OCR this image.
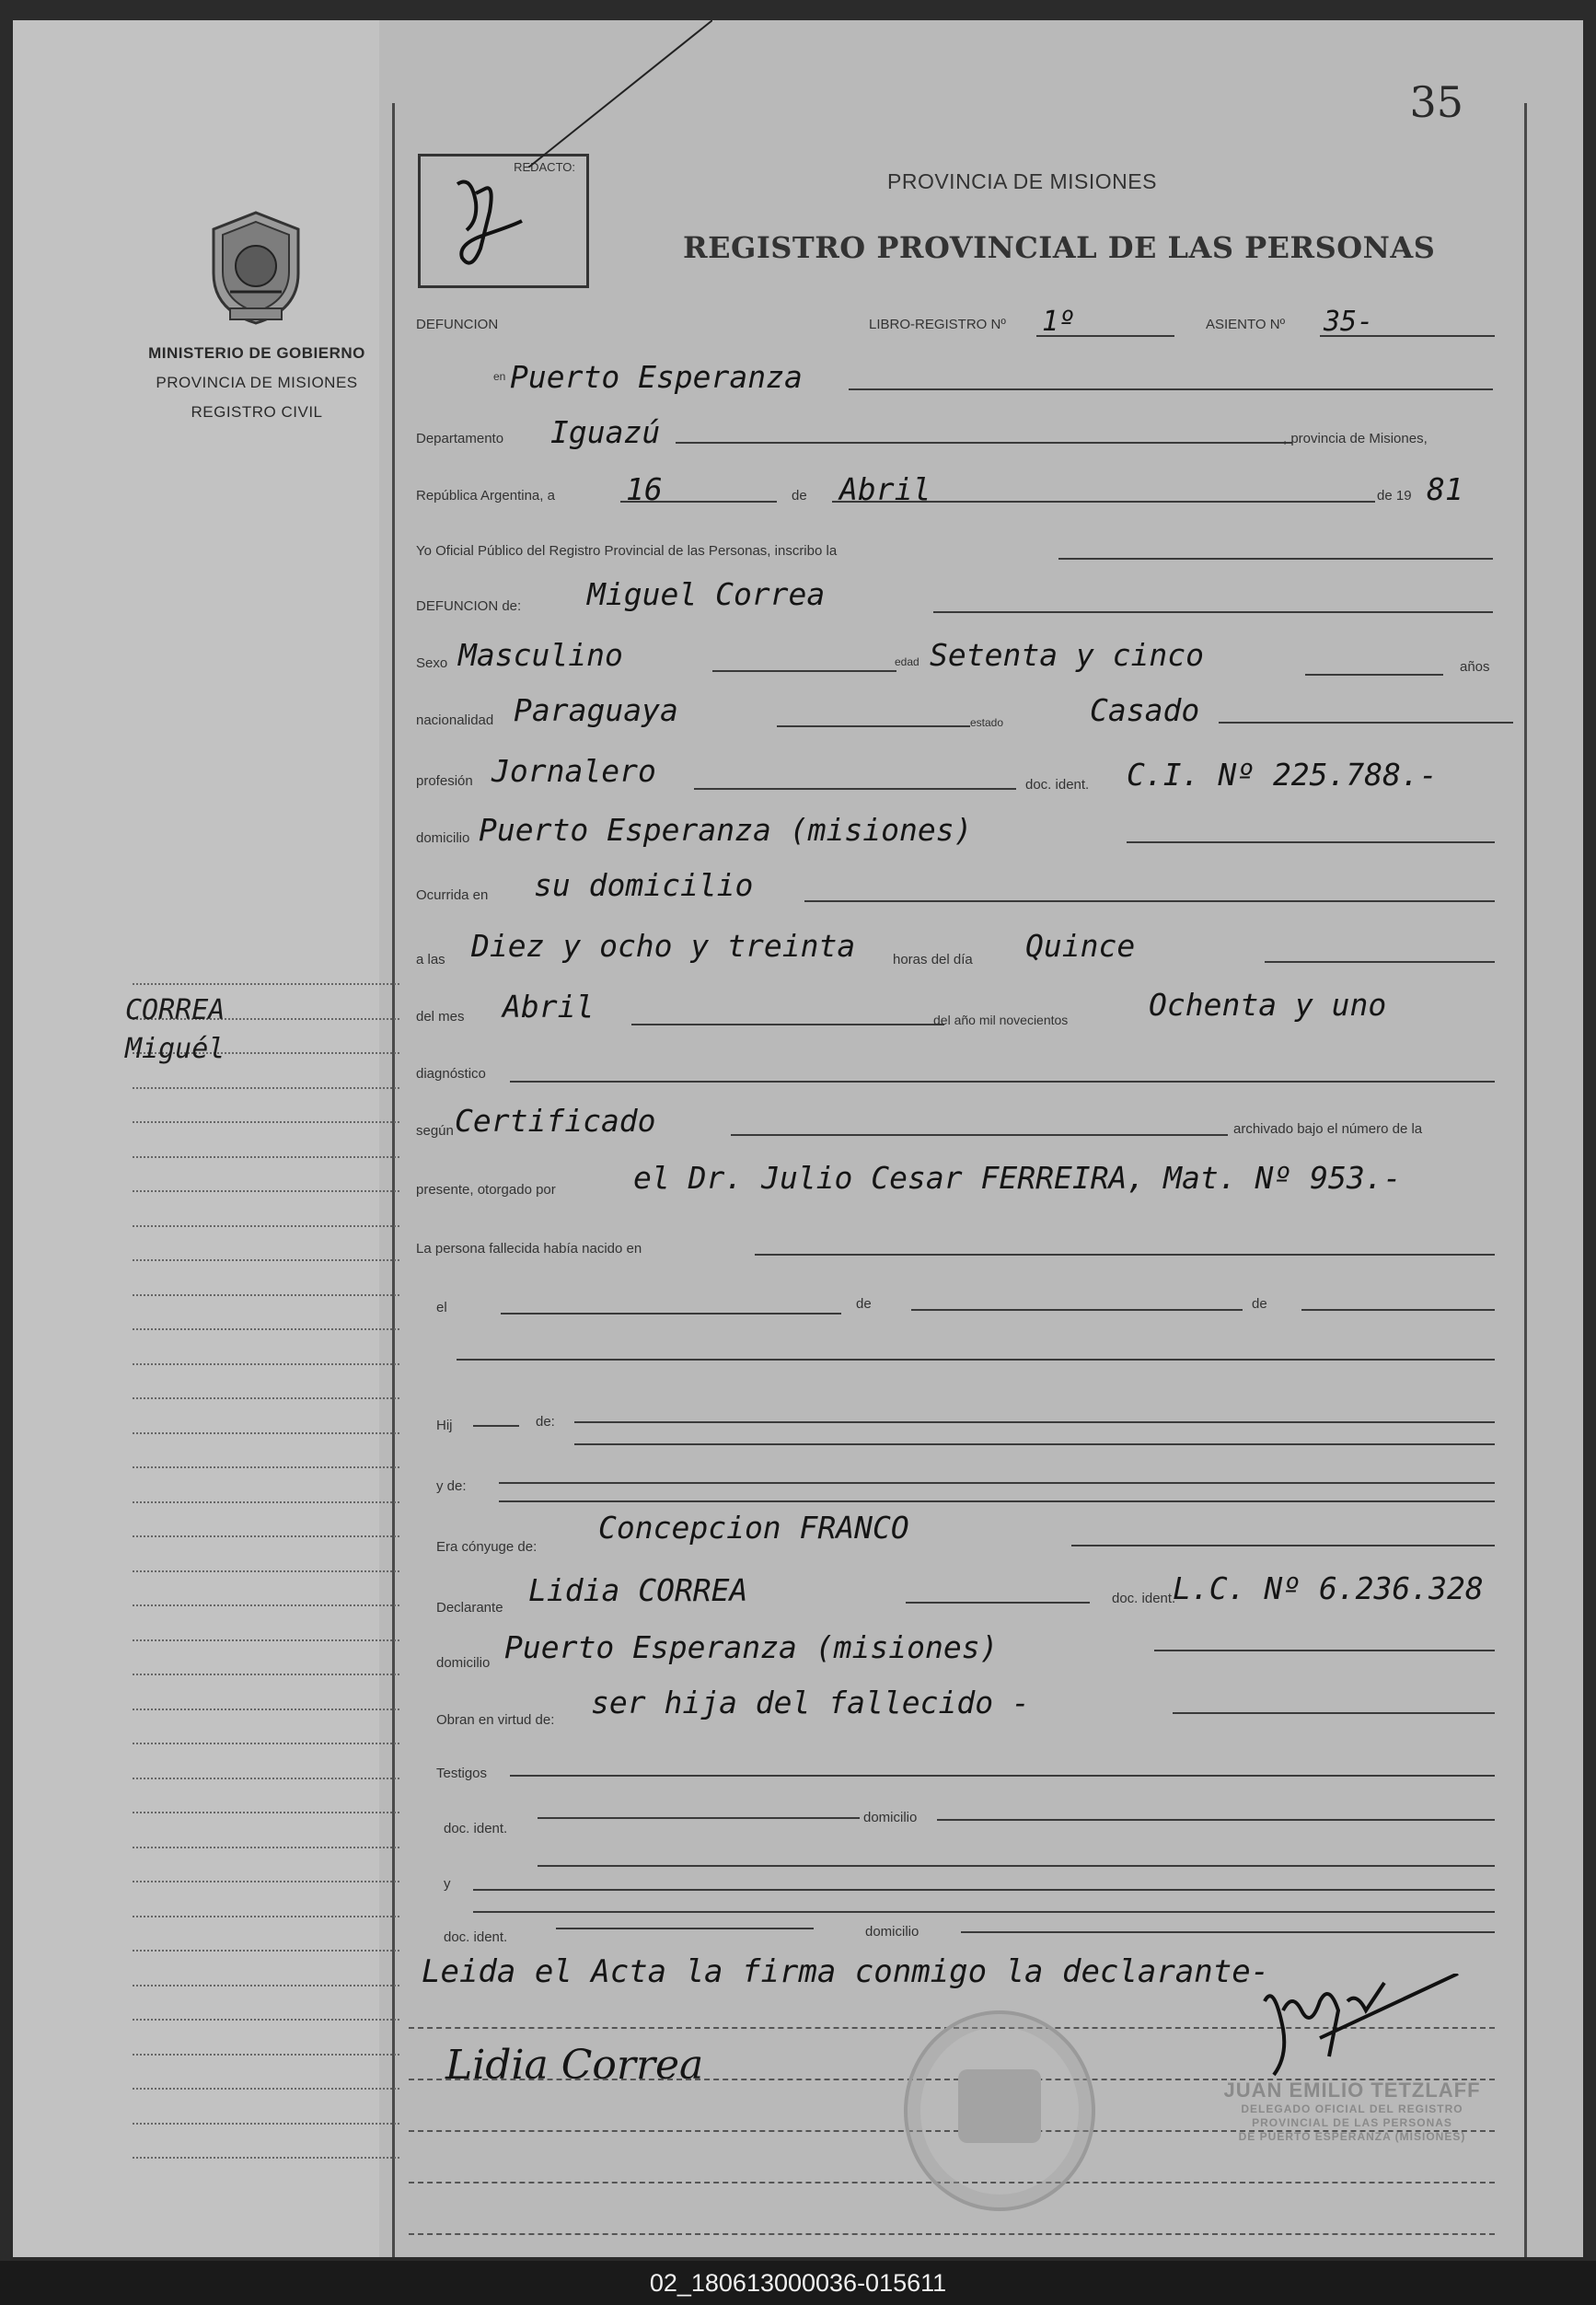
35
MINISTERIO DE GOBIERNO
PROVINCIA DE MISIONES
REGISTRO CIVIL
CORREA
Miguél
REDACTO:
PROVINCIA DE MISIONES
REGISTRO PROVINCIAL DE LAS PERSONAS
DEFUNCION	LIBRO-REGISTRO Nº 1º	ASIENTO Nº 35-
en Puerto Esperanza
Departamento Iguazú	, provincia de Misiones,
República Argentina, a 16	de Abril	de 19 81
Yo Oficial Público del Registro Provincial de las Personas, inscribo la
DEFUNCION de: Miguel Correa
Sexo Masculino	edad Setenta y cinco	años
nacionalidad Paraguaya	estado	Casado
profesión Jornalero	doc. ident. C.I. Nº 225.788.-
domicilio Puerto Esperanza (misiones)
Ocurrida en su domicilio
a las Diez y ocho y treinta	horas del día Quince
del mes Abril	del año mil novecientos	Ochenta y uno
diagnóstico
según Certificado	archivado bajo el número de la
presente, otorgado por	el Dr. Julio Cesar FERREIRA, Mat. Nº 953.-
La persona fallecida había nacido en
el	de	de
Hij	de:
y de:
Era cónyuge de:
Concepcion FRANCO
Declarante Lidia CORREA	doc. ident.
L.C. Nº 6.236.328
domicilio Puerto Esperanza (misiones)
Obran en virtud de: ser hija del fallecido -
Testigos
doc. ident.
domicilio
y
doc. ident.	domicilio
Leida el Acta la firma conmigo la declarante-
Lidia Correa
JUAN EMILIO TETZLAFF
DELEGADO OFICIAL DEL REGISTRO
PROVINCIAL DE LAS PERSONAS
DE PUERTO ESPERANZA (MISIONES)
02_180613000036-015611
